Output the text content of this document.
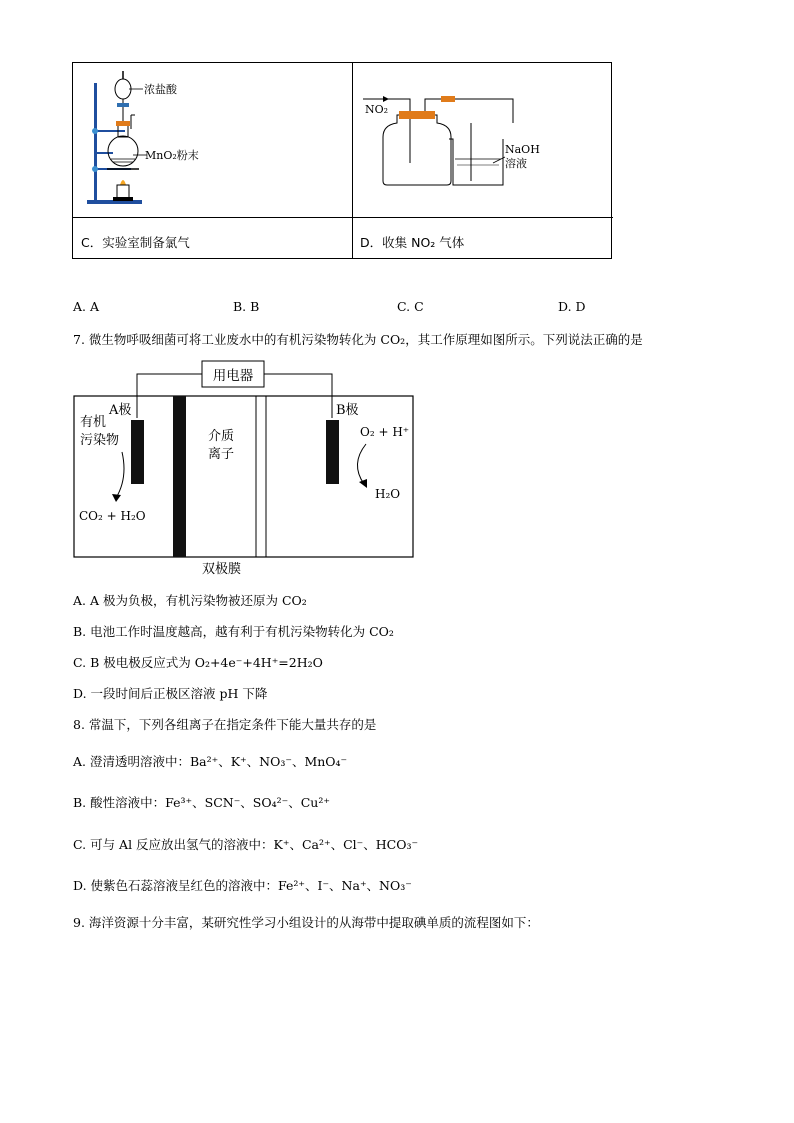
浓盐酸
MnO₂粉末
NO₂
NaOH
溶液
C．实验室制备氯气	D．收集 NO₂ 气体
A. A	B. B	C. C	D. D
7. 微生物呼吸细菌可将工业废水中的有机污染物转化为 CO₂，其工作原理如图所示。下列说法正确的是
用电器
A极
有机
污染物	介质
离子
B极
O₂ + H⁺
H₂O
CO₂ + H₂O
双极膜
A. A 极为负极，有机污染物被还原为 CO₂
B. 电池工作时温度越高，越有利于有机污染物转化为 CO₂
C. B 极电极反应式为 O₂+4e⁻+4H⁺=2H₂O
D. 一段时间后正极区溶液 pH 下降
8. 常温下，下列各组离子在指定条件下能大量共存的是
A. 澄清透明溶液中：Ba²⁺、K⁺、NO₃⁻、MnO₄⁻
B. 酸性溶液中：Fe³⁺、SCN⁻、SO₄²⁻、Cu²⁺
C. 可与 Al 反应放出氢气的溶液中：K⁺、Ca²⁺、Cl⁻、HCO₃⁻
D. 使紫色石蕊溶液呈红色的溶液中：Fe²⁺、I⁻、Na⁺、NO₃⁻
9. 海洋资源十分丰富，某研究性学习小组设计的从海带中提取碘单质的流程图如下：
